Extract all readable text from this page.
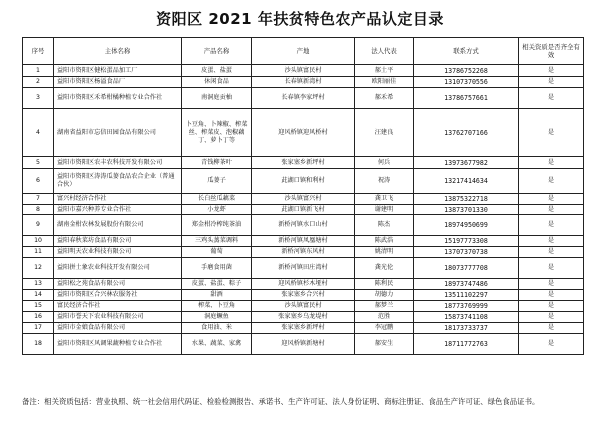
资阳区 2021 年扶贫特色农产品认定目录
序号	主体名称	产品名称	产地	法人代表	联系方式	相关资质是否齐全有效
1	益阳市资阳区健松蛋品加工厂	皮蛋、盐蛋	沙头镇富民村	郝土平	13786752268	是
2	益阳市资阳区杨溢食品厂	休闲食品	长春镇新湾村	欧阳丽佳	13107370556	是
3	益阳市资阳区禾希柑橘种植专业合作社	南洞庭贡柚	长春镇李家坪村	郝禾希	13786757661	是
4	湖南省益阳市忘信田园食品有限公司	卜豆角、卜辣椒、榨菜丝、榨菜皮、泡椒藕丁、萝卜丁等	迎风桥镇迎风桥村	汪建良	13762707166	是
5	益阳市资阳区农丰农科技开发有限公司	青钱柳茶叶	张家塞乡新坪村	何兵	13973677982	是
6	益阳市资阳区涛涛瓜蒌食品农合企业（普通合伙）	瓜蒌子	茈湖口镇和利村	祝涛	13217414634	是
7	富兴村经济合作社	长白丝瓜藕菜	沙头镇富兴村	龚卫飞	13875322718	是
8	益阳市嘉兴种养专业合作社	小龙虾	茈湖口镇新飞村	谢建明	13873701330	是
9	湖南金柑农林发展股份有限公司	郑金柑冷榨纯茶油	新桥河镇水口山村	陈杰	18974950699	是
10	益阳春秋菜坊食品有限公司	三鸡头蒸菜调料	新桥河镇凤凰塘村	陈武浩	15197773308	是
11	益阳明天农业科技有限公司	葡萄	新桥河镇东风村	姚清明	13707370738	是
12	益阳拼土象农业科技开发有限公司	手磨食用菌	新桥河镇田庄湾村	龚光伦	18073777708	是
13	益阳松之苑食品有限公司	皮蛋、盐蛋、粽子	迎风桥镇杉木垭村	陈利民	18973747486	是
14	益阳市资阳区合兴林农服务社	甜酒	张家塞乡合兴村	胡德力	13511102297	是
15	富民经济合作社	榨菜、卜豆角	沙头镇富民村	郝梦兰	18773769999	是
16	益阳市誉天下农业科技有限公司	洞庭鳜鱼	张家塞乡乌龙堤村	范胜	15873741108	是
17	益阳市金娘食品有限公司	食用油、米	张家塞乡新坪村	李冠鹏	18173733737	是
18	益阳市资阳区风调果蔬种植专业合作社	水果、蔬菜、家禽	迎风桥镇新塘村	郝安生	18711772763	是
备注：相关资质包括：营业执照、统一社会信用代码证、检验检测报告、承诺书、生产许可证、法人身份证明、商标注册证、食品生产许可证、绿色食品证书。
